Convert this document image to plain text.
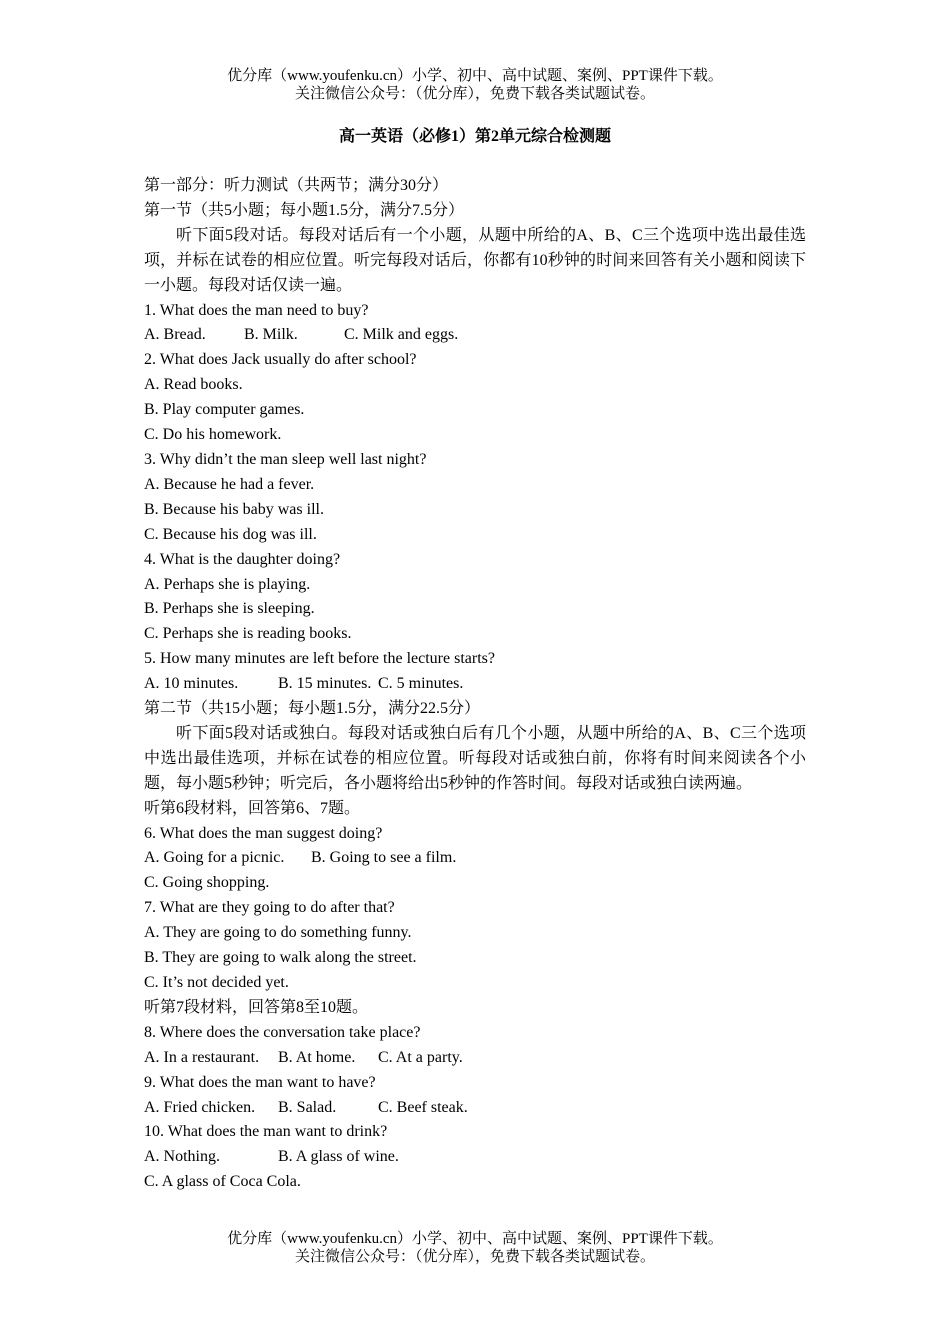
优分库（www.youfenku.cn）小学、初中、高中试题、案例、PPT课件下载。
关注微信公众号：（优分库），免费下载各类试题试卷。
高一英语（必修1）第2单元综合检测题
第一部分：听力测试（共两节；满分30分）
第一节（共5小题；每小题1.5分，满分7.5分）
听下面5段对话。每段对话后有一个小题，从题中所给的A、B、C三个选项中选出最佳选项，并标在试卷的相应位置。听完每段对话后，你都有10秒钟的时间来回答有关小题和阅读下一小题。每段对话仅读一遍。
1. What does the man need to buy?
A. Bread. B. Milk.	C. Milk and eggs.
2. What does Jack usually do after school?
A. Read books.
B. Play computer games.
C. Do his homework.
3. Why didn’t the man sleep well last night?
A. Because he had a fever.
B. Because his baby was ill.
C. Because his dog was ill.
4. What is the daughter doing?
A. Perhaps she is playing.
B. Perhaps she is sleeping.
C. Perhaps she is reading books.
5. How many minutes are left before the lecture starts?
A. 10 minutes. B. 15 minutes. C. 5 minutes.
第二节（共15小题；每小题1.5分，满分22.5分）
听下面5段对话或独白。每段对话或独白后有几个小题，从题中所给的A、B、C三个选项中选出最佳选项，并标在试卷的相应位置。听每段对话或独白前，你将有时间来阅读各个小题，每小题5秒钟；听完后，各小题将给出5秒钟的作答时间。每段对话或独白读两遍。
听第6段材料，回答第6、7题。
6. What does the man suggest doing?
A. Going for a picnic. B. Going to see a film.
C. Going shopping.
7. What are they going to do after that?
A. They are going to do something funny.
B. They are going to walk along the street.
C. It’s not decided yet.
听第7段材料，回答第8至10题。
8. Where does the conversation take place?
A. In a restaurant. B. At home. C. At a party.
9. What does the man want to have?
A. Fried chicken. B. Salad.	C. Beef steak.
10. What does the man want to drink?
A. Nothing.	B. A glass of wine.
C. A glass of Coca Cola.
优分库（www.youfenku.cn）小学、初中、高中试题、案例、PPT课件下载。
关注微信公众号：（优分库），免费下载各类试题试卷。
